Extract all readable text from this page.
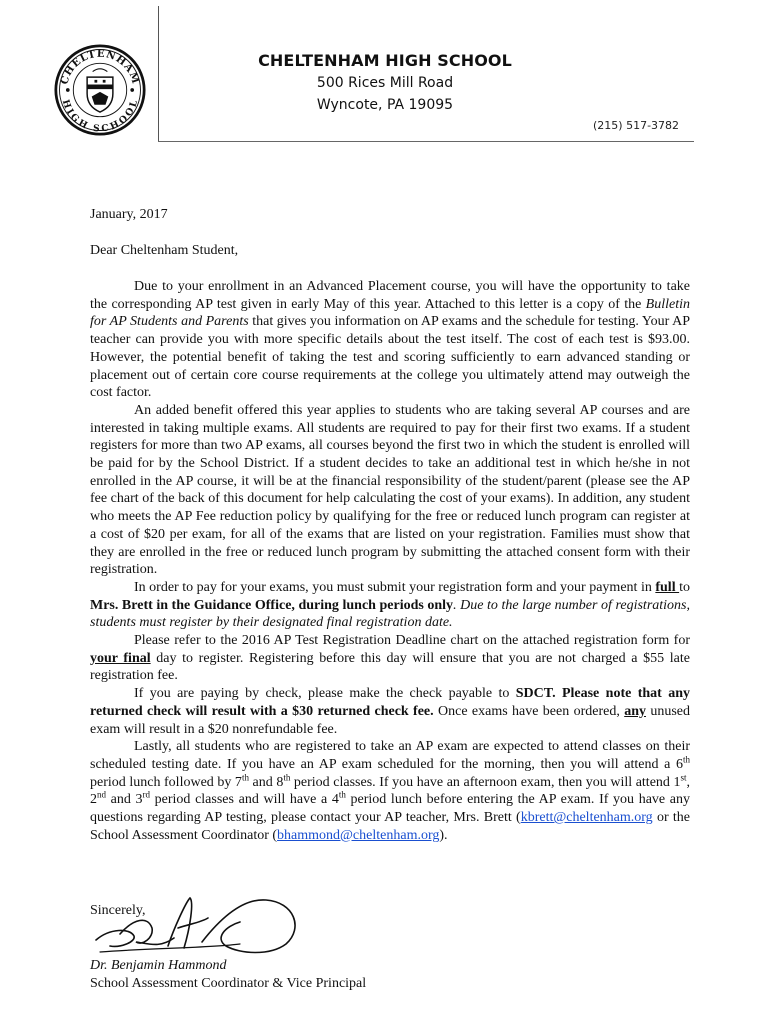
CHELTENHAM
HIGH SCHOOL
CHELTENHAM HIGH SCHOOL
500 Rices Mill Road
Wyncote, PA 19095
(215) 517-3782
January, 2017
Dear Cheltenham Student,

Due to your enrollment in an Advanced Placement course, you will have the opportunity to take the corresponding AP test given in early May of this year. Attached to this letter is a copy of the Bulletin for AP Students and Parents that gives you information on AP exams and the schedule for testing. Your AP teacher can provide you with more specific details about the test itself. The cost of each test is $93.00. However, the potential benefit of taking the test and scoring sufficiently to earn advanced standing or placement out of certain core course requirements at the college you ultimately attend may outweigh the cost factor.

An added benefit offered this year applies to students who are taking several AP courses and are interested in taking multiple exams. All students are required to pay for their first two exams. If a student registers for more than two AP exams, all courses beyond the first two in which the student is enrolled will be paid for by the School District. If a student decides to take an additional test in which he/she in not enrolled in the AP course, it will be at the financial responsibility of the student/parent (please see the AP fee chart of the back of this document for help calculating the cost of your exams). In addition, any student who meets the AP Fee reduction policy by qualifying for the free or reduced lunch program can register at a cost of $20 per exam, for all of the exams that are listed on your registration. Families must show that they are enrolled in the free or reduced lunch program by submitting the attached consent form with their registration.

In order to pay for your exams, you must submit your registration form and your payment in full to Mrs. Brett in the Guidance Office, during lunch periods only. Due to the large number of registrations, students must register by their designated final registration date.

Please refer to the 2016 AP Test Registration Deadline chart on the attached registration form for your final day to register. Registering before this day will ensure that you are not charged a $55 late registration fee.

If you are paying by check, please make the check payable to SDCT. Please note that any returned check will result with a $30 returned check fee. Once exams have been ordered, any unused exam will result in a $20 nonrefundable fee.

Lastly, all students who are registered to take an AP exam are expected to attend classes on their scheduled testing date. If you have an AP exam scheduled for the morning, then you will attend a 6th period lunch followed by 7th and 8th period classes. If you have an afternoon exam, then you will attend 1st, 2nd and 3rd period classes and will have a 4th period lunch before entering the AP exam. If you have any questions regarding AP testing, please contact your AP teacher, Mrs. Brett (kbrett@cheltenham.org or the School Assessment Coordinator (bhammond@cheltenham.org).

Sincerely,
Dr. Benjamin Hammond
School Assessment Coordinator & Vice Principal
